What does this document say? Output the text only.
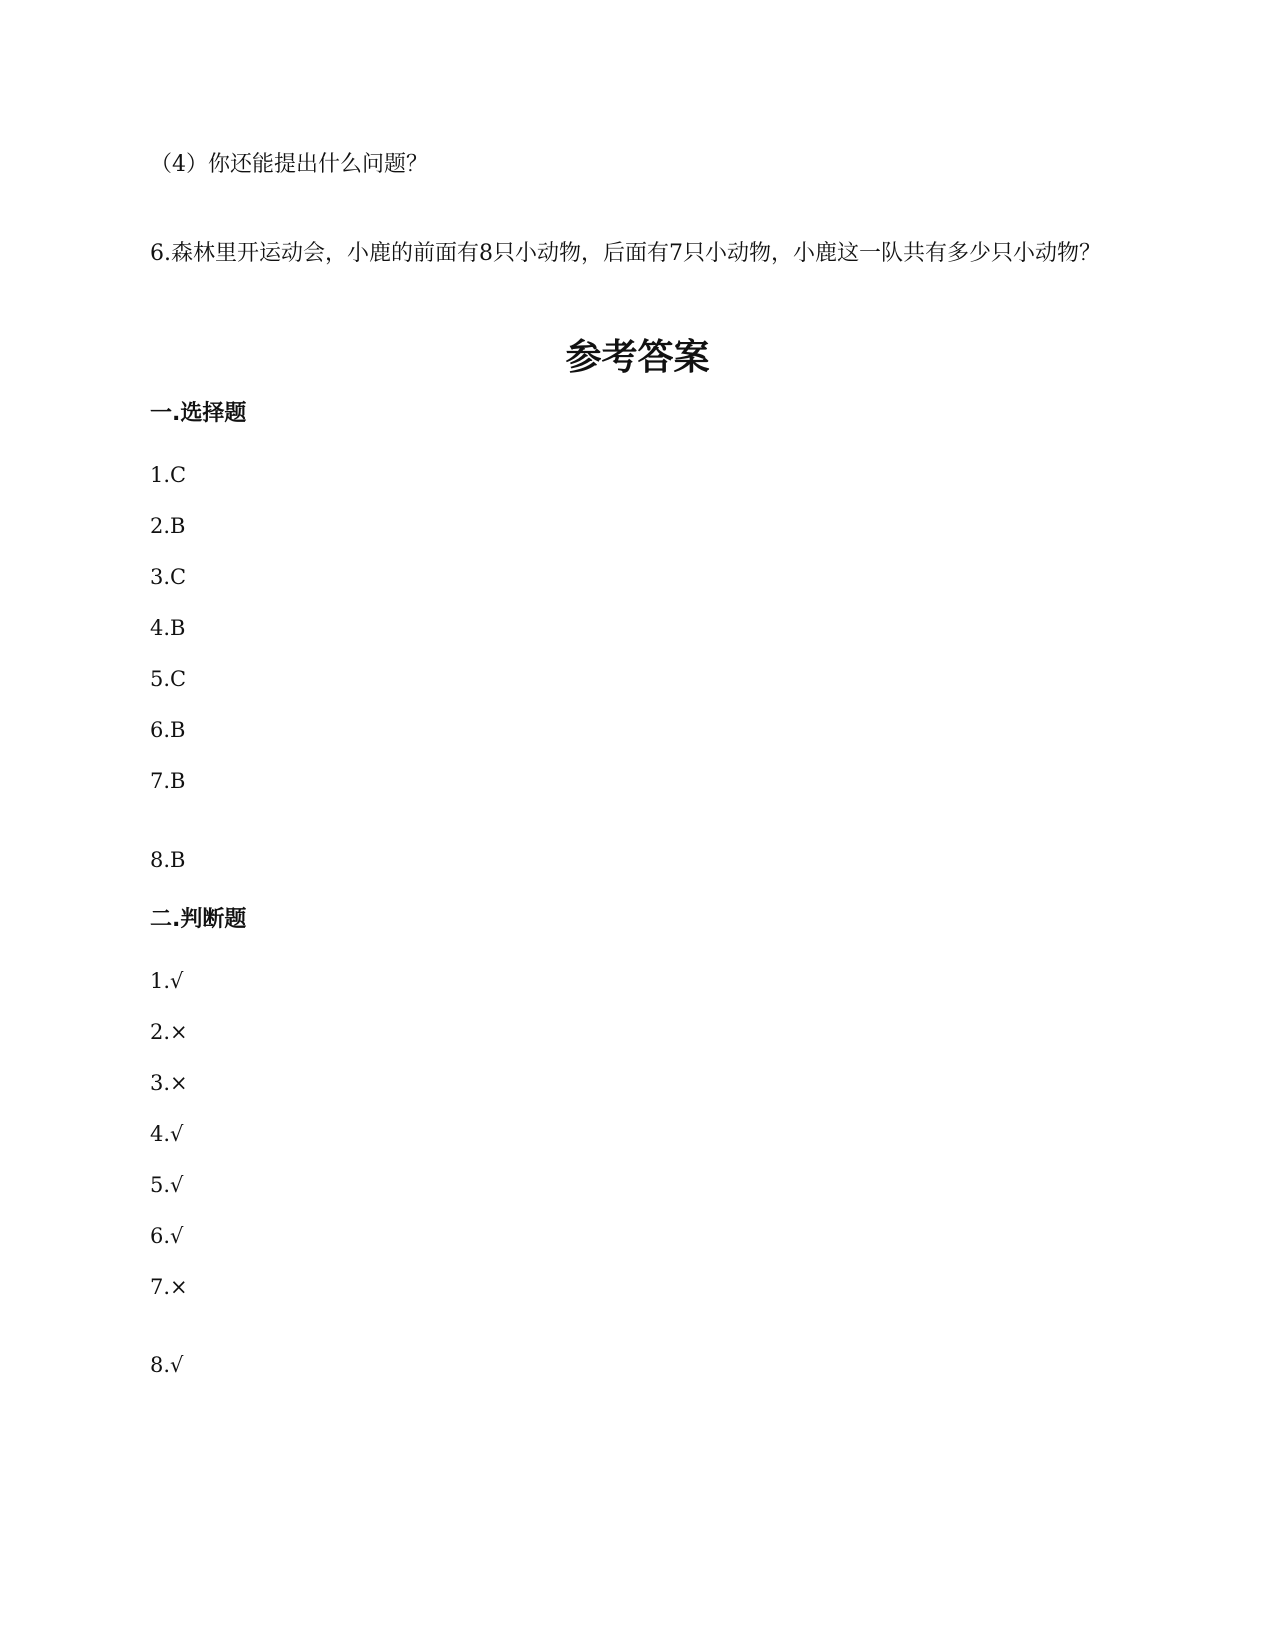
（4）你还能提出什么问题？
6.森林里开运动会，小鹿的前面有8只小动物，后面有7只小动物，小鹿这一队共有多少只小动物？
参考答案
一.选择题
1.C
2.B
3.C
4.B
5.C
6.B
7.B
8.B
二.判断题
1.√
2.×
3.×
4.√
5.√
6.√
7.×
8.√
